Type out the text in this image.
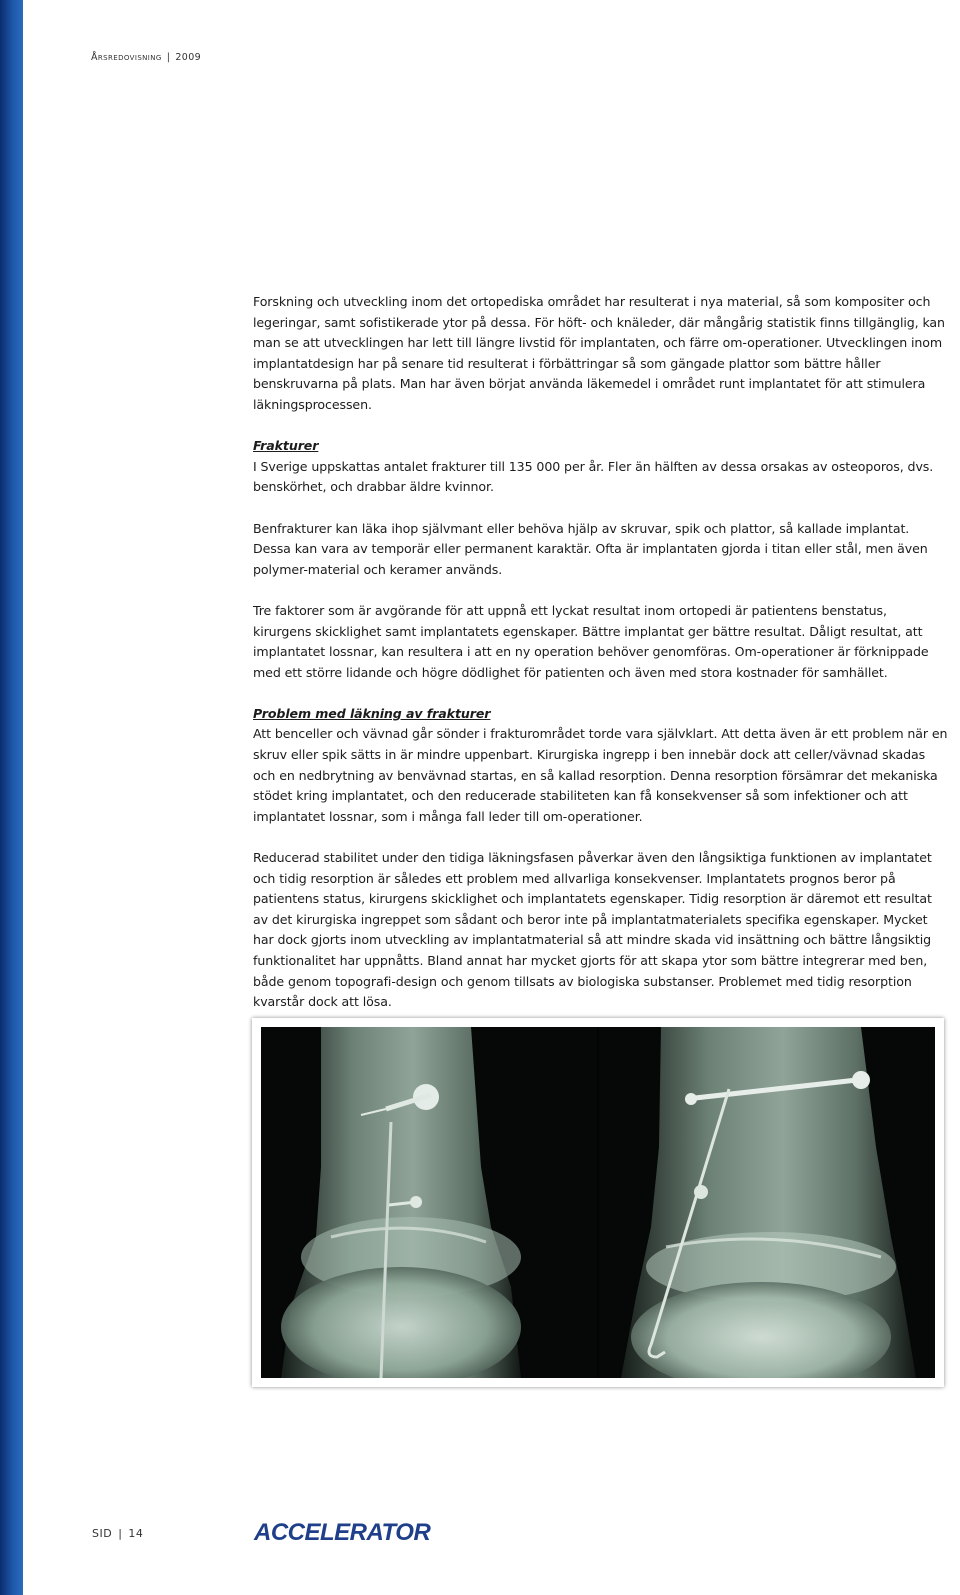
Årsredovisning | 2009

Forskning och utveckling inom det ortopediska området har resulterat i nya material, så som kompositer och legeringar, samt sofistikerade ytor på dessa. För höft- och knäleder, där mångårig statistik finns tillgänglig, kan man se att utvecklingen har lett till längre livstid för implantaten, och färre om-operationer. Utvecklingen inom implantatdesign har på senare tid resulterat i förbättringar så som gängade plattor som bättre håller benskruvarna på plats. Man har även börjat använda läkemedel i området runt implantatet för att stimulera läkningsprocessen.

Frakturer

I Sverige uppskattas antalet frakturer till 135 000 per år. Fler än hälften av dessa orsakas av osteoporos, dvs. benskörhet, och drabbar äldre kvinnor.

Benfrakturer kan läka ihop självmant eller behöva hjälp av skruvar, spik och plattor, så kallade implantat. Dessa kan vara av temporär eller permanent karaktär. Ofta är implantaten gjorda i titan eller stål, men även polymer-material och keramer används.

Tre faktorer som är avgörande för att uppnå ett lyckat resultat inom ortopedi är patientens benstatus, kirurgens skicklighet samt implantatets egenskaper. Bättre implantat ger bättre resultat. Dåligt resultat, att implantatet lossnar, kan resultera i att en ny operation behöver genomföras. Om-operationer är förknippade med ett större lidande och högre dödlighet för patienten och även med stora kostnader för samhället.

Problem med läkning av frakturer

Att benceller och vävnad går sönder i frakturområdet torde vara självklart. Att detta även är ett problem när en skruv eller spik sätts in är mindre uppenbart. Kirurgiska ingrepp i ben innebär dock att celler/vävnad skadas och en nedbrytning av benvävnad startas, en så kallad resorption. Denna resorption försämrar det mekaniska stödet kring implantatet, och den reducerade stabiliteten kan få konsekvenser så som infektioner och att implantatet lossnar, som i många fall leder till om-operationer.

Reducerad stabilitet under den tidiga läkningsfasen påverkar även den långsiktiga funktionen av implantatet och tidig resorption är således ett problem med allvarliga konsekvenser. Implantatets prognos beror på patientens status, kirurgens skicklighet och implantatets egenskaper. Tidig resorption är däremot ett resultat av det kirurgiska ingreppet som sådant och beror inte på implantatmaterialets specifika egenskaper. Mycket har dock gjorts inom utveckling av implantatmaterial så att mindre skada vid insättning och bättre långsiktig funktionalitet har uppnåtts. Bland annat har mycket gjorts för att skapa ytor som bättre integrerar med ben, både genom topografi-design och genom tillsats av biologiska substanser. Problemet med tidig resorption kvarstår dock att lösa.

SID | 14	ACCELERATOR
